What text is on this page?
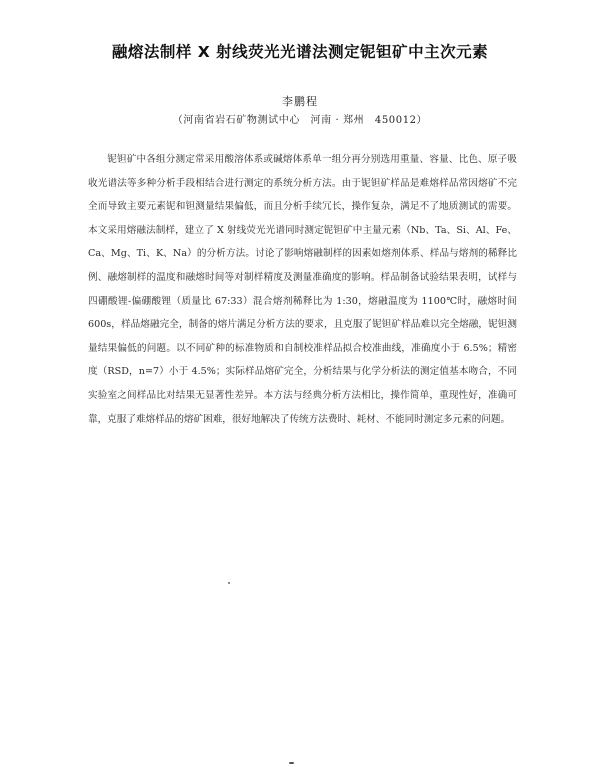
融熔法制样 X 射线荧光光谱法测定铌钽矿中主次元素
李鹏程
（河南省岩石矿物测试中心　河南 · 郑州　450012）

铌钽矿中各组分测定常采用酸溶体系或碱熔体系单一组分再分别选用重量、容量、比色、原子吸收光谱法等多种分析手段相结合进行测定的系统分析方法。由于铌钽矿样品是难熔样品常因熔矿不完全而导致主要元素铌和钽测量结果偏低，而且分析手续冗长，操作复杂，满足不了地质测试的需要。本文采用熔融法制样，建立了 X 射线荧光光谱同时测定铌钽矿中主量元素（Nb、Ta、Si、Al、Fe、Ca、Mg、Ti、K、Na）的分析方法。讨论了影响熔融制样的因素如熔剂体系、样品与熔剂的稀释比例、融熔制样的温度和融熔时间等对制样精度及测量准确度的影响。样品制备试验结果表明，试样与四硼酸锂-偏硼酸锂（质量比 67:33）混合熔剂稀释比为 1:30，熔融温度为 1100℃时，融熔时间 600s，样品熔融完全，制备的熔片满足分析方法的要求，且克服了铌钽矿样品难以完全熔融，铌钽测量结果偏低的问题。以不同矿种的标准物质和自制校准样品拟合校准曲线，准确度小于 6.5%；精密度（RSD，n=7）小于 4.5%；实际样品熔矿完全，分析结果与化学分析法的测定值基本吻合，不同实验室之间样品比对结果无显著性差异。本方法与经典分析方法相比，操作简单，重现性好，准确可靠，克服了难熔样品的熔矿困难，很好地解决了传统方法费时、耗材、不能同时测定多元素的问题。
